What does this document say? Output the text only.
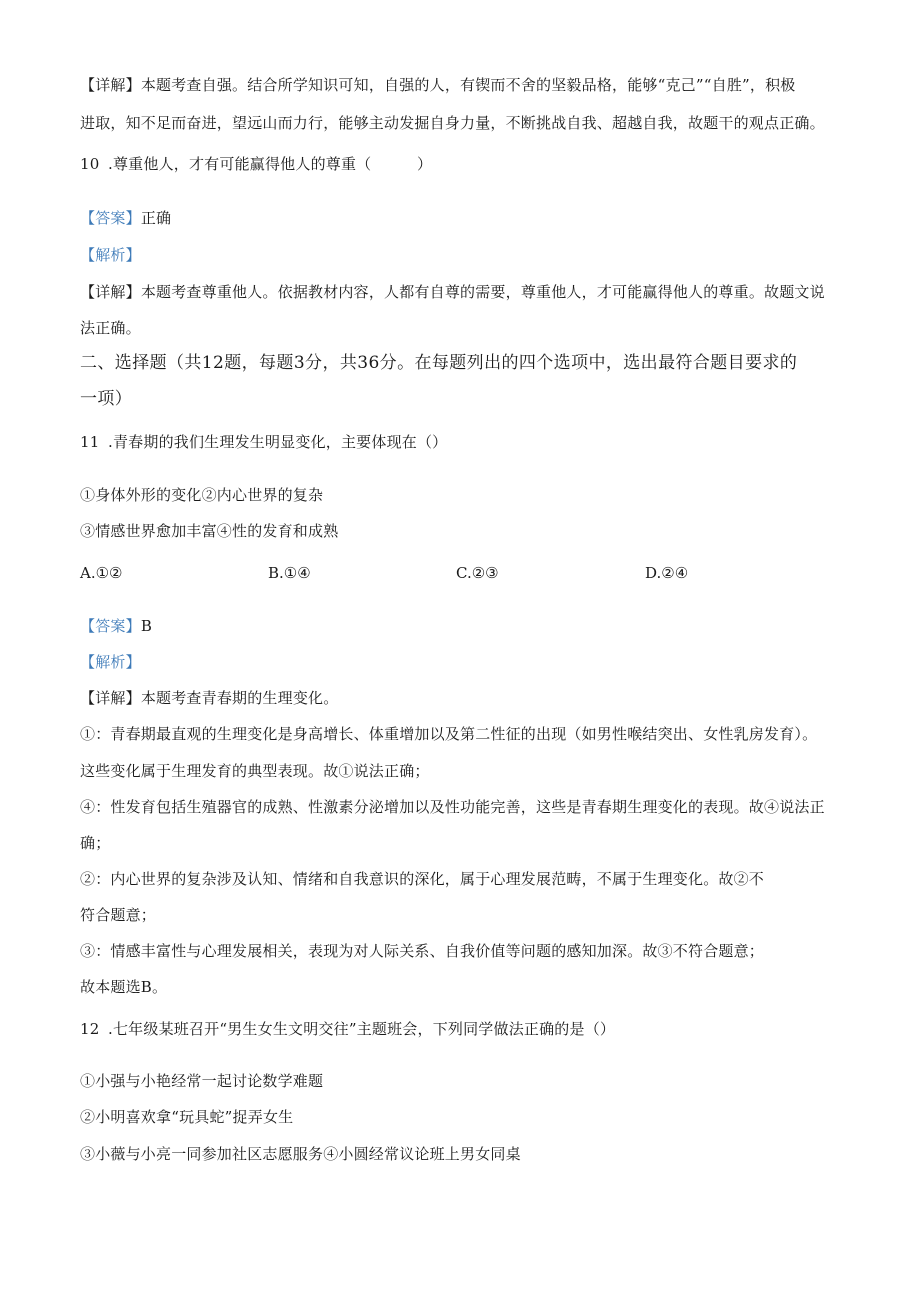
【详解】本题考查自强。结合所学知识可知，自强的人，有锲而不舍的坚毅品格，能够“克己”“自胜”，积极
进取，知不足而奋进，望远山而力行，能够主动发掘自身力量，不断挑战自我、超越自我，故题干的观点正确。
10 .尊重他人，才有可能赢得他人的尊重（　　　）
【答案】正确
【解析】
【详解】本题考查尊重他人。依据教材内容，人都有自尊的需要，尊重他人，才可能赢得他人的尊重。故题文说
法正确。
二、选择题（共12题，每题3分，共36分。在每题列出的四个选项中，选出最符合题目要求的
一项）
11 .青春期的我们生理发生明显变化，主要体现在（）
①身体外形的变化②内心世界的复杂
③情感世界愈加丰富④性的发育和成熟
A.①②	B.①④	C.②③	D.②④
【答案】B
【解析】
【详解】本题考查青春期的生理变化。
①：青春期最直观的生理变化是身高增长、体重增加以及第二性征的出现（如男性喉结突出、女性乳房发育）。
这些变化属于生理发育的典型表现。故①说法正确；
④：性发育包括生殖器官的成熟、性激素分泌增加以及性功能完善，这些是青春期生理变化的表现。故④说法正
确；
②：内心世界的复杂涉及认知、情绪和自我意识的深化，属于心理发展范畴，不属于生理变化。故②不
符合题意；
③：情感丰富性与心理发展相关，表现为对人际关系、自我价值等问题的感知加深。故③不符合题意；
故本题选B。
12 .七年级某班召开“男生女生文明交往”主题班会，下列同学做法正确的是（）
①小强与小艳经常一起讨论数学难题
②小明喜欢拿“玩具蛇”捉弄女生
③小薇与小亮一同参加社区志愿服务④小圆经常议论班上男女同桌
